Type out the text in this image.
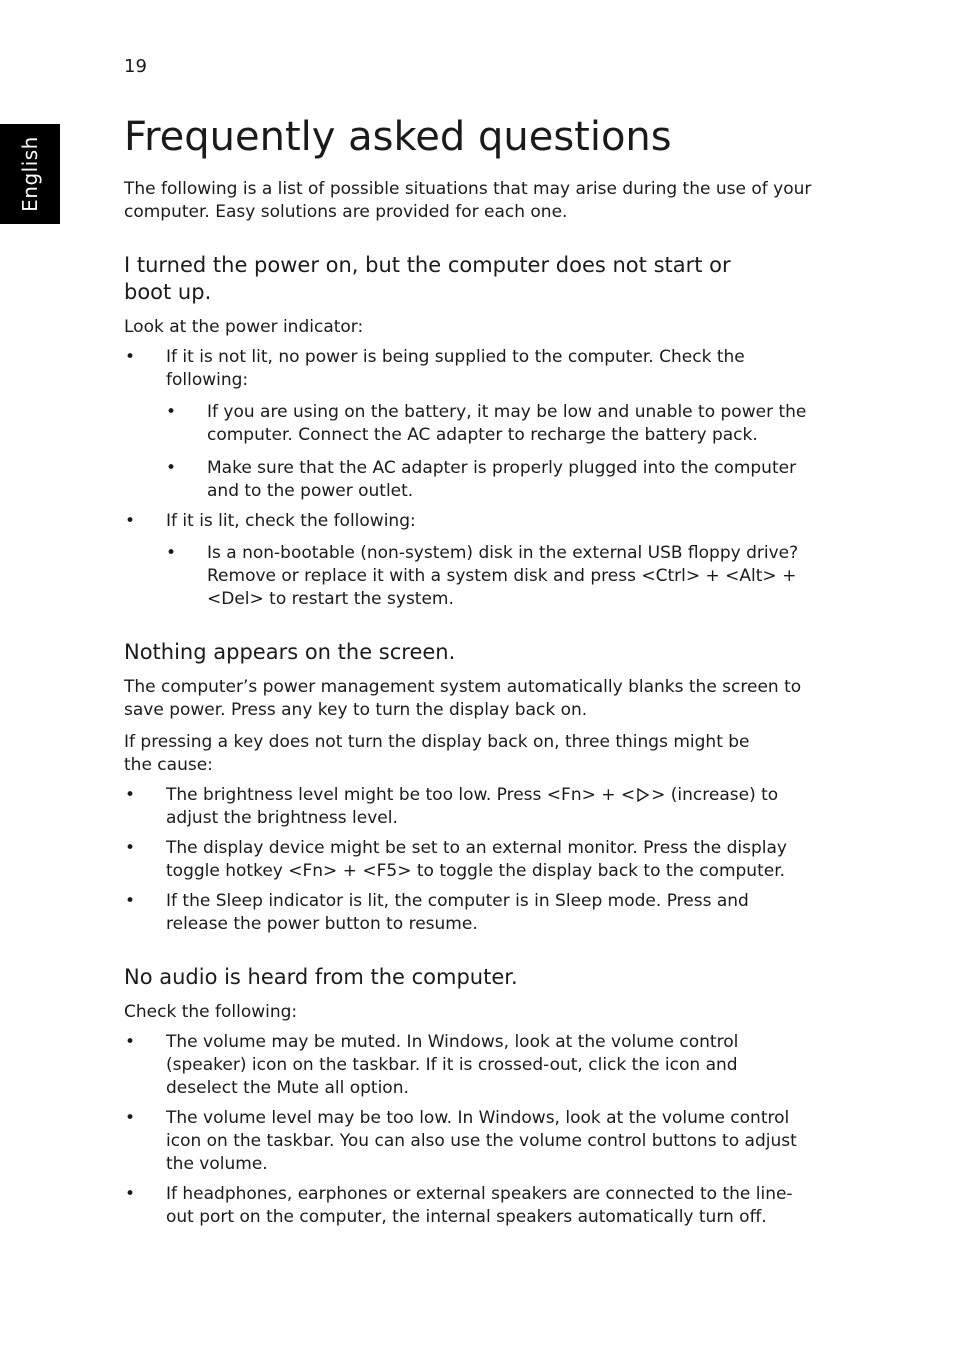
19
English Frequently asked questions

The following is a list of possible situations that may arise during the use of your computer. Easy solutions are provided for each one.

I turned the power on, but the computer does not start or boot up.

Look at the power indicator:

• If it is not lit, no power is being supplied to the computer. Check the following:
• If you are using on the battery, it may be low and unable to power the computer. Connect the AC adapter to recharge the battery pack.
• Make sure that the AC adapter is properly plugged into the computer and to the power outlet.
• If it is lit, check the following:
• Is a non-bootable (non-system) disk in the external USB floppy drive? Remove or replace it with a system disk and press <Ctrl> + <Alt> + <Del> to restart the system.
Nothing appears on the screen.

The computer’s power management system automatically blanks the screen to save power. Press any key to turn the display back on.

If pressing a key does not turn the display back on, three things might be the cause:

• The brightness level might be too low. Press <Fn> + < > (increase) to adjust the brightness level.
• The display device might be set to an external monitor. Press the display toggle hotkey <Fn> + <F5> to toggle the display back to the computer.
• If the Sleep indicator is lit, the computer is in Sleep mode. Press and release the power button to resume.
No audio is heard from the computer.

Check the following:

• The volume may be muted. In Windows, look at the volume control (speaker) icon on the taskbar. If it is crossed-out, click the icon and deselect the Mute all option.
• The volume level may be too low. In Windows, look at the volume control icon on the taskbar. You can also use the volume control buttons to adjust the volume.
• If headphones, earphones or external speakers are connected to the line-out port on the computer, the internal speakers automatically turn off.
